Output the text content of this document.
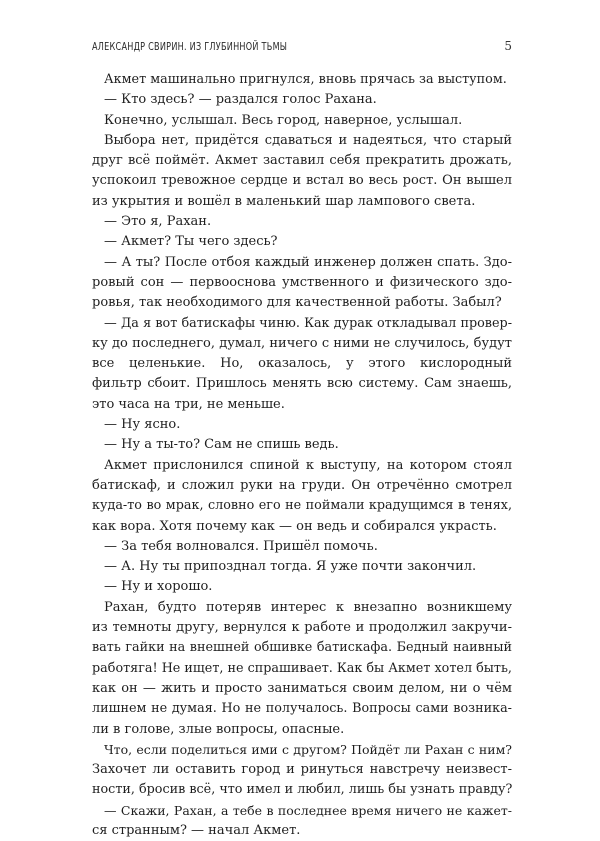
АЛЕКСАНДР СВИРИН. ИЗ ГЛУБИННОЙ ТЬМЫ	5
Акмет машинально пригнулся, вновь прячась за выступом.
— Кто здесь? — раздался голос Рахана.
Конечно, услышал. Весь город, наверное, услышал.
Выбора нет, придётся сдаваться и надеяться, что старый
друг всё поймёт. Акмет заставил себя прекратить дрожать,
успокоил тревожное сердце и встал во весь рост. Он вышел
из укрытия и вошёл в маленький шар лампового света.
— Это я, Рахан.
— Акмет? Ты чего здесь?
— А ты? После отбоя каждый инженер должен спать. Здо-
ровый сон — первооснова умственного и физического здо-
ровья, так необходимого для качественной работы. Забыл?
— Да я вот батискафы чиню. Как дурак откладывал провер-
ку до последнего, думал, ничего с ними не случилось, будут
все целенькие. Но, оказалось, у этого кислородный
фильтр сбоит. Пришлось менять всю систему. Сам знаешь,
это часа на три, не меньше.
— Ну ясно.
— Ну а ты-то? Сам не спишь ведь.
Акмет прислонился спиной к выступу, на котором стоял
батискаф, и сложил руки на груди. Он отречённо смотрел
куда-то во мрак, словно его не поймали крадущимся в тенях,
как вора. Хотя почему как — он ведь и собирался украсть.
— За тебя волновался. Пришёл помочь.
— А. Ну ты припозднал тогда. Я уже почти закончил.
— Ну и хорошо.
Рахан, будто потеряв интерес к внезапно возникшему
из темноты другу, вернулся к работе и продолжил закручи-
вать гайки на внешней обшивке батискафа. Бедный наивный
работяга! Не ищет, не спрашивает. Как бы Акмет хотел быть,
как он — жить и просто заниматься своим делом, ни о чём
лишнем не думая. Но не получалось. Вопросы сами возника-
ли в голове, злые вопросы, опасные.
Что, если поделиться ими с другом? Пойдёт ли Рахан с ним?
Захочет ли оставить город и ринуться навстречу неизвест-
ности, бросив всё, что имел и любил, лишь бы узнать правду?
— Скажи, Рахан, а тебе в последнее время ничего не кажет-
ся странным? — начал Акмет.
